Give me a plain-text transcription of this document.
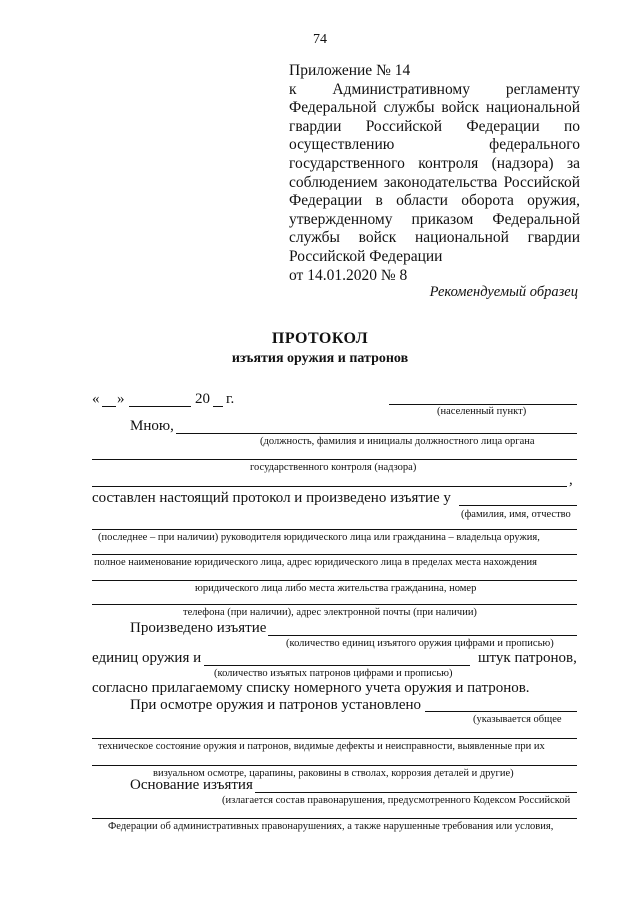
74
Приложение № 14
к Административному регламенту
Федеральной службы войск национальной
гвардии Российской Федерации по
осуществлению федерального
государственного контроля (надзора) за
соблюдением законодательства Российской
Федерации в области оборота оружия,
утвержденному приказом Федеральной
службы войск национальной гвардии
Российской Федерации
от 14.01.2020 № 8
Рекомендуемый образец
ПРОТОКОЛ
изъятия оружия и патронов
« »	20 г.
(населенный пункт)
Мною,
(должность, фамилия и инициалы должностного лица органа
государственного контроля (надзора)
,
составлен настоящий протокол и произведено изъятие у
(фамилия, имя, отчество
(последнее – при наличии) руководителя юридического лица или гражданина – владельца оружия,
полное наименование юридического лица, адрес юридического лица в пределах места нахождения
юридического лица либо места жительства гражданина, номер
телефона (при наличии), адрес электронной почты (при наличии)
Произведено изъятие
(количество единиц изъятого оружия цифрами и прописью)
единиц оружия и	штук патронов,
(количество изъятых патронов цифрами и прописью)
согласно прилагаемому списку номерного учета оружия и патронов.
При осмотре оружия и патронов установлено
(указывается общее
техническое состояние оружия и патронов, видимые дефекты и неисправности, выявленные при их
визуальном осмотре, царапины, раковины в стволах, коррозия деталей и другие)
Основание изъятия
(излагается состав правонарушения, предусмотренного Кодексом Российской
Федерации об административных правонарушениях, а также нарушенные требования или условия,
